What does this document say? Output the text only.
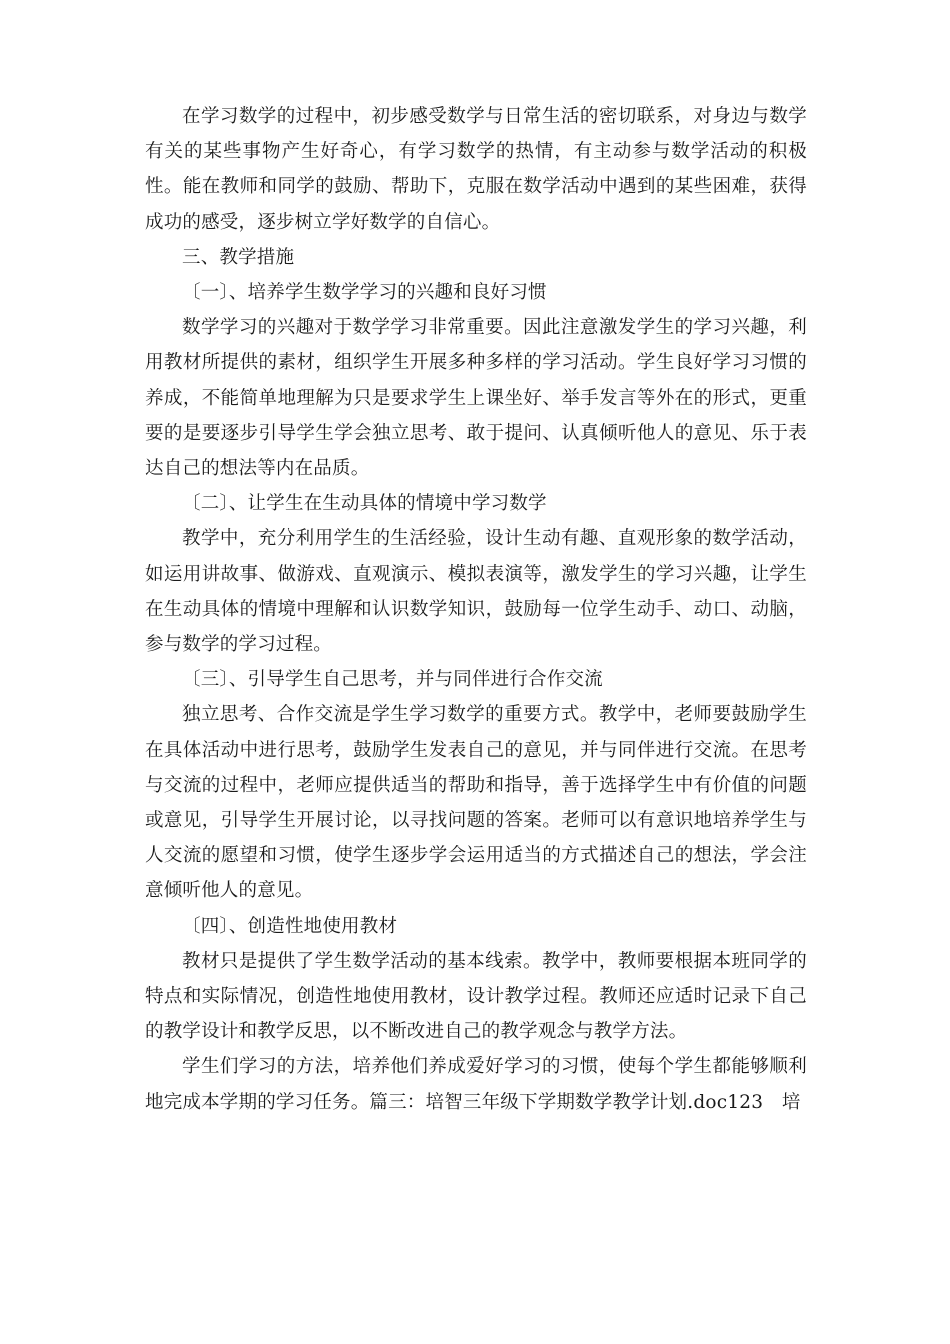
在学习数学的过程中，初步感受数学与日常生活的密切联系，对身边与数学有关的某些事物产生好奇心，有学习数学的热情，有主动参与数学活动的积极性。能在教师和同学的鼓励、帮助下，克服在数学活动中遇到的某些困难，获得成功的感受，逐步树立学好数学的自信心。

三、教学措施

〔一〕、培养学生数学学习的兴趣和良好习惯

数学学习的兴趣对于数学学习非常重要。因此注意激发学生的学习兴趣，利用教材所提供的素材，组织学生开展多种多样的学习活动。学生良好学习习惯的养成，不能简单地理解为只是要求学生上课坐好、举手发言等外在的形式，更重要的是要逐步引导学生学会独立思考、敢于提问、认真倾听他人的意见、乐于表达自己的想法等内在品质。

〔二〕、让学生在生动具体的情境中学习数学

教学中，充分利用学生的生活经验，设计生动有趣、直观形象的数学活动，如运用讲故事、做游戏、直观演示、模拟表演等，激发学生的学习兴趣，让学生在生动具体的情境中理解和认识数学知识，鼓励每一位学生动手、动口、动脑，参与数学的学习过程。

〔三〕、引导学生自己思考，并与同伴进行合作交流

独立思考、合作交流是学生学习数学的重要方式。教学中，老师要鼓励学生在具体活动中进行思考，鼓励学生发表自己的意见，并与同伴进行交流。在思考与交流的过程中，老师应提供适当的帮助和指导，善于选择学生中有价值的问题或意见，引导学生开展讨论，以寻找问题的答案。老师可以有意识地培养学生与人交流的愿望和习惯，使学生逐步学会运用适当的方式描述自己的想法，学会注意倾听他人的意见。

〔四〕、创造性地使用教材

教材只是提供了学生数学活动的基本线索。教学中，教师要根据本班同学的特点和实际情况，创造性地使用教材，设计教学过程。教师还应适时记录下自己的教学设计和教学反思，以不断改进自己的教学观念与教学方法。

学生们学习的方法，培养他们养成爱好学习的习惯，使每个学生都能够顺利地完成本学期的学习任务。篇三：培智三年级下学期数学教学计划.doc123　培
